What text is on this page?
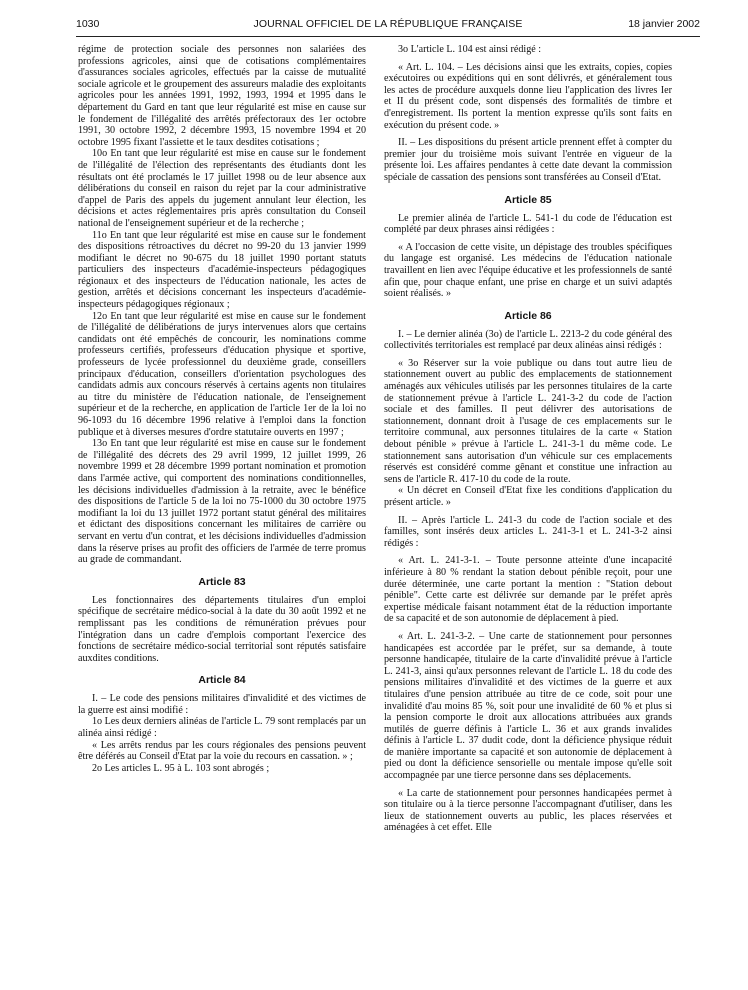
1030	JOURNAL OFFICIEL DE LA RÉPUBLIQUE FRANÇAISE	18 janvier 2002

régime de protection sociale des personnes non salariées des professions agricoles, ainsi que de cotisations complémentaires d'assurances sociales agricoles, effectués par la caisse de mutualité sociale agricole et le groupement des assureurs maladie des exploitants agricoles pour les années 1991, 1992, 1993, 1994 et 1995 dans le département du Gard en tant que leur régularité est mise en cause sur le fondement de l'illégalité des arrêtés préfectoraux des 1er octobre 1991, 30 octobre 1992, 2 décembre 1993, 15 novembre 1994 et 20 octobre 1995 fixant l'assiette et le taux desdites cotisations ;

10o En tant que leur régularité est mise en cause sur le fondement de l'illégalité de l'élection des représentants des étudiants dont les résultats ont été proclamés le 17 juillet 1998 ou de leur absence aux délibérations du conseil en raison du rejet par la cour administrative d'appel de Paris des appels du jugement annulant leur élection, les décisions et actes réglementaires pris après consultation du Conseil national de l'enseignement supérieur et de la recherche ;

11o En tant que leur régularité est mise en cause sur le fondement des dispositions rétroactives du décret no 99-20 du 13 janvier 1999 modifiant le décret no 90-675 du 18 juillet 1990 portant statuts particuliers des inspecteurs d'académie-inspecteurs pédagogiques régionaux et des inspecteurs de l'éducation nationale, les actes de gestion, arrêtés et décisions concernant les inspecteurs d'académie-inspecteurs pédagogiques régionaux ;

12o En tant que leur régularité est mise en cause sur le fondement de l'illégalité de délibérations de jurys intervenues alors que certains candidats ont été empêchés de concourir, les nominations comme professeurs certifiés, professeurs d'éducation physique et sportive, professeurs de lycée professionnel du deuxième grade, conseillers principaux d'éducation, conseillers d'orientation psychologues des candidats admis aux concours réservés à certains agents non titulaires au titre du ministère de l'éducation nationale, de l'enseignement supérieur et de la recherche, en application de l'article 1er de la loi no 96-1093 du 16 décembre 1996 relative à l'emploi dans la fonction publique et à diverses mesures d'ordre statutaire ouverts en 1997 ;

13o En tant que leur régularité est mise en cause sur le fondement de l'illégalité des décrets des 29 avril 1999, 12 juillet 1999, 26 novembre 1999 et 28 décembre 1999 portant nomination et promotion dans l'armée active, qui comportent des nominations conditionnelles, les décisions individuelles d'admission à la retraite, avec le bénéfice des dispositions de l'article 5 de la loi no 75-1000 du 30 octobre 1975 modifiant la loi du 13 juillet 1972 portant statut général des militaires et édictant des dispositions concernant les militaires de carrière ou servant en vertu d'un contrat, et les décisions individuelles d'admission dans la réserve prises au profit des officiers de l'armée de terre promus au grade de commandant.

Article 83

Les fonctionnaires des départements titulaires d'un emploi spécifique de secrétaire médico-social à la date du 30 août 1992 et ne remplissant pas les conditions de rémunération prévues pour l'intégration dans un cadre d'emplois comportant l'exercice des fonctions de secrétaire médico-social territorial sont réputés satisfaire auxdites conditions.

Article 84

I. – Le code des pensions militaires d'invalidité et des victimes de la guerre est ainsi modifié :

1o Les deux derniers alinéas de l'article L. 79 sont remplacés par un alinéa ainsi rédigé :

« Les arrêts rendus par les cours régionales des pensions peuvent être déférés au Conseil d'Etat par la voie du recours en cassation. » ;

2o Les articles L. 95 à L. 103 sont abrogés ;

3o L'article L. 104 est ainsi rédigé :

« Art. L. 104. – Les décisions ainsi que les extraits, copies, copies exécutoires ou expéditions qui en sont délivrés, et généralement tous les actes de procédure auxquels donne lieu l'application des livres Ier et II du présent code, sont dispensés des formalités de timbre et d'enregistrement. Ils portent la mention expresse qu'ils sont faits en exécution du présent code. »

II. – Les dispositions du présent article prennent effet à compter du premier jour du troisième mois suivant l'entrée en vigueur de la présente loi. Les affaires pendantes à cette date devant la commission spéciale de cassation des pensions sont transférées au Conseil d'Etat.

Article 85

Le premier alinéa de l'article L. 541-1 du code de l'éducation est complété par deux phrases ainsi rédigées :

« A l'occasion de cette visite, un dépistage des troubles spécifiques du langage est organisé. Les médecins de l'éducation nationale travaillent en lien avec l'équipe éducative et les professionnels de santé afin que, pour chaque enfant, une prise en charge et un suivi adaptés soient réalisés. »

Article 86

I. – Le dernier alinéa (3o) de l'article L. 2213-2 du code général des collectivités territoriales est remplacé par deux alinéas ainsi rédigés :

« 3o Réserver sur la voie publique ou dans tout autre lieu de stationnement ouvert au public des emplacements de stationnement aménagés aux véhicules utilisés par les personnes titulaires de la carte de stationnement prévue à l'article L. 241-3-2 du code de l'action sociale et des familles. Il peut délivrer des autorisations de stationnement, donnant droit à l'usage de ces emplacements sur le territoire communal, aux personnes titulaires de la carte « Station debout pénible » prévue à l'article L. 241-3-1 du même code. Le stationnement sans autorisation d'un véhicule sur ces emplacements réservés est considéré comme gênant et constitue une infraction au sens de l'article R. 417-10 du code de la route.

« Un décret en Conseil d'Etat fixe les conditions d'application du présent article. »

II. – Après l'article L. 241-3 du code de l'action sociale et des familles, sont insérés deux articles L. 241-3-1 et L. 241-3-2 ainsi rédigés :

« Art. L. 241-3-1. – Toute personne atteinte d'une incapacité inférieure à 80 % rendant la station debout pénible reçoit, pour une durée déterminée, une carte portant la mention : "Station debout pénible". Cette carte est délivrée sur demande par le préfet après expertise médicale faisant notamment état de la réduction importante de sa capacité et de son autonomie de déplacement à pied.

« Art. L. 241-3-2. – Une carte de stationnement pour personnes handicapées est accordée par le préfet, sur sa demande, à toute personne handicapée, titulaire de la carte d'invalidité prévue à l'article L. 241-3, ainsi qu'aux personnes relevant de l'article L. 18 du code des pensions militaires d'invalidité et des victimes de la guerre et aux titulaires d'une pension attribuée au titre de ce code, soit pour une invalidité d'au moins 85 %, soit pour une invalidité de 60 % et plus si la pension comporte le droit aux allocations attribuées aux grands mutilés de guerre définis à l'article L. 36 et aux grands invalides définis à l'article L. 37 dudit code, dont la déficience physique réduit de manière importante sa capacité et son autonomie de déplacement à pied ou dont la déficience sensorielle ou mentale impose qu'elle soit accompagnée par une tierce personne dans ses déplacements.

« La carte de stationnement pour personnes handicapées permet à son titulaire ou à la tierce personne l'accompagnant d'utiliser, dans les lieux de stationnement ouverts au public, les places réservées et aménagées à cet effet. Elle
